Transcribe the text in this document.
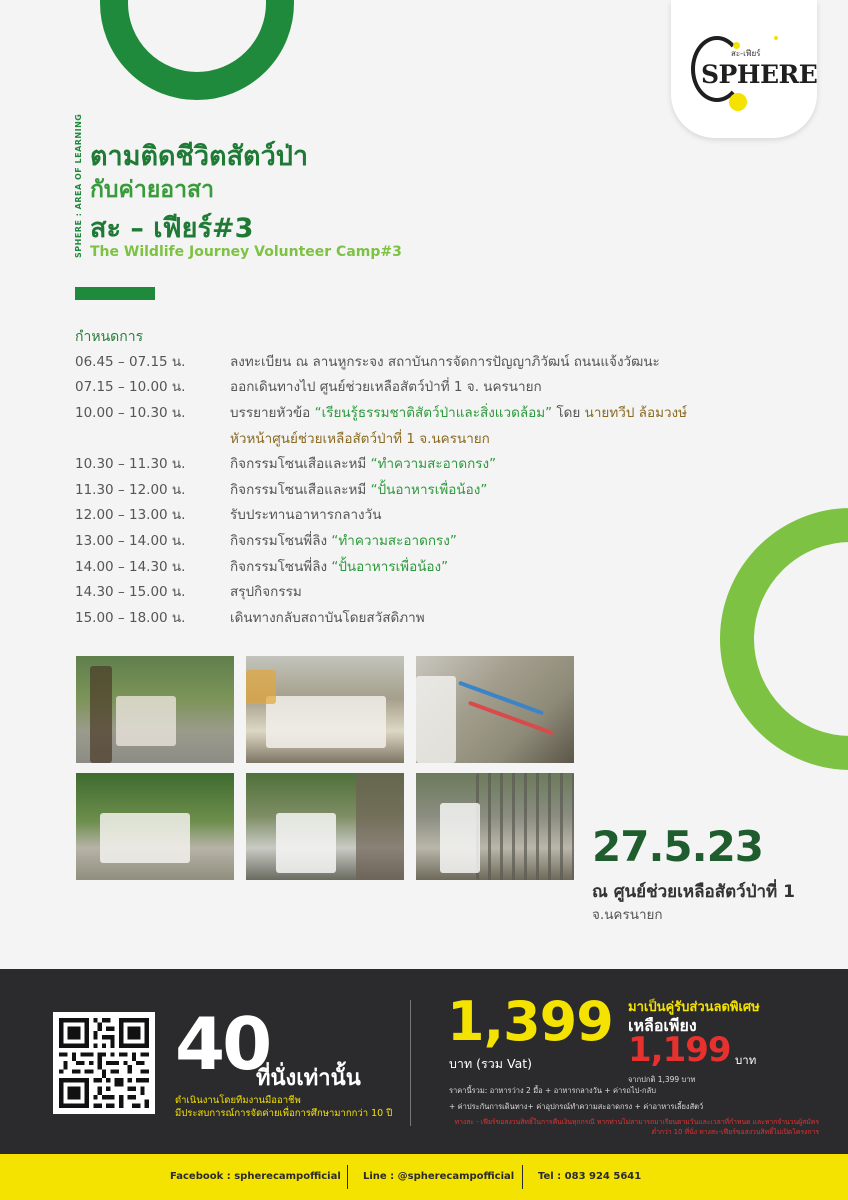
สะ-เฟียร์
SPHERE
SPHERE : AREA OF LEARNING ตามติดชีวิตสัตว์ป่า
กับค่ายอาสา
สะ – เฟียร์#3
The Wildlife Journey Volunteer Camp#3
กำหนดการ
06.45 – 07.15 น.	ลงทะเบียน ณ ลานหูกระจง สถาบันการจัดการปัญญาภิวัฒน์ ถนนแจ้งวัฒนะ
07.15 – 10.00 น.	ออกเดินทางไป ศูนย์ช่วยเหลือสัตว์ป่าที่ 1 จ. นครนายก
10.00 – 10.30 น.	บรรยายหัวข้อ “เรียนรู้ธรรมชาติสัตว์ป่าและสิ่งแวดล้อม” โดย นายทวีป ล้อมวงษ์
หัวหน้าศูนย์ช่วยเหลือสัตว์ป่าที่ 1 จ.นครนายก
10.30 – 11.30 น.	กิจกรรมโซนเสือและหมี “ทำความสะอาดกรง”
11.30 – 12.00 น.	กิจกรรมโซนเสือและหมี “ปั้นอาหารเพื่อน้อง”
12.00 – 13.00 น.	รับประทานอาหารกลางวัน
13.00 – 14.00 น.	กิจกรรมโซนพี่ลิง “ทำความสะอาดกรง”
14.00 – 14.30 น.	กิจกรรมโซนพี่ลิง “ปั้นอาหารเพื่อน้อง”
14.30 – 15.00 น.	สรุปกิจกรรม
15.00 – 18.00 น.	เดินทางกลับสถาบันโดยสวัสดิภาพ
27.5.23
ณ ศูนย์ช่วยเหลือสัตว์ป่าที่ 1
จ.นครนายก
40
ที่นั่งเท่านั้น
ดำเนินงานโดยทีมงานมืออาชีพ
มีประสบการณ์การจัดค่ายเพื่อการศึกษามากกว่า 10 ปี
1,399
บาท (รวม Vat)
มาเป็นคู่รับส่วนลดพิเศษ
เหลือเพียง
1,199 บาท
จากปกติ 1,399 บาท
ราคานี้รวม: อาหารว่าง 2 มื้อ + อาหารกลางวัน + ค่ารถไป-กลับ
+ ค่าประกันการเดินทาง+ ค่าอุปกรณ์ทำความสะอาดกรง + ค่าอาหารเลี้ยงสัตว์
ทางสะ - เฟียร์ขอสงวนสิทธิ์ในการคืนเงินทุกกรณี หากท่านไม่สามารถมาเรียนตามวันและเวลาที่กำหนด และหากจำนวนผู้สมัครต่ำกว่า 10 ที่นั่ง ทางสะ-เฟียร์ขอสงวนสิทธิ์ไม่เปิดโครงการ
Facebook : spherecampofficial Line : @spherecampofficial Tel : 083 924 5641
